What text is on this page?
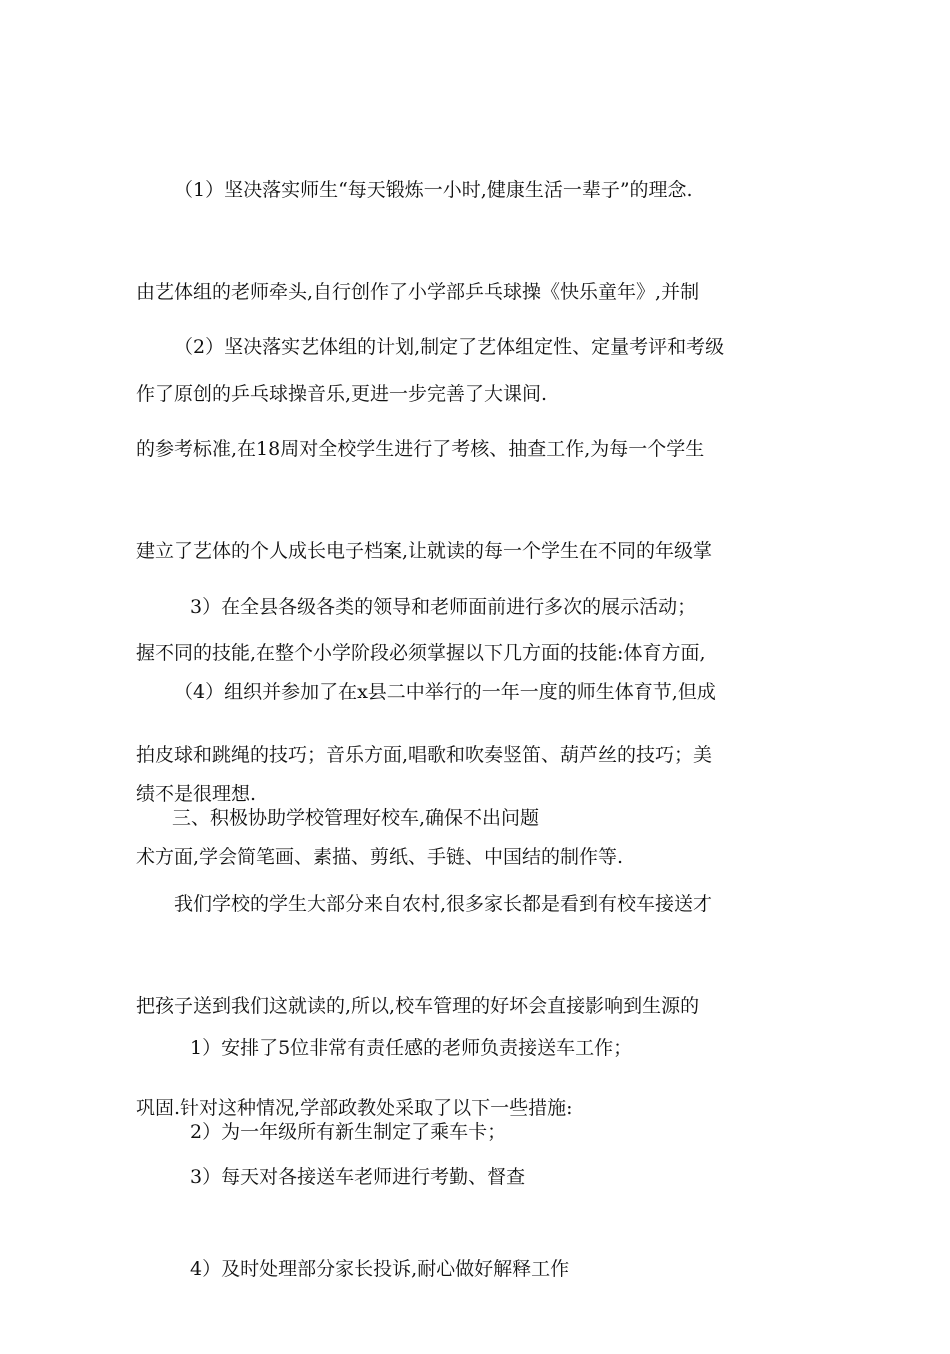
（1）坚决落实师生“每天锻炼一小时,健康生活一辈子”的理念.

由艺体组的老师牵头,自行创作了小学部乒乓球操《快乐童年》,并制

作了原创的乒乓球操音乐,更进一步完善了大课间.

（2）坚决落实艺体组的计划,制定了艺体组定性、定量考评和考级

的参考标准,在18周对全校学生进行了考核、抽查工作,为每一个学生

建立了艺体的个人成长电子档案,让就读的每一个学生在不同的年级掌

握不同的技能,在整个小学阶段必须掌握以下几方面的技能:体育方面,

拍皮球和跳绳的技巧；音乐方面,唱歌和吹奏竖笛、葫芦丝的技巧；美

术方面,学会简笔画、素描、剪纸、手链、中国结的制作等.

3）在全县各级各类的领导和老师面前进行多次的展示活动；

（4）组织并参加了在x县二中举行的一年一度的师生体育节,但成

绩不是很理想.

三、积极协助学校管理好校车,确保不出问题

我们学校的学生大部分来自农村,很多家长都是看到有校车接送才

把孩子送到我们这就读的,所以,校车管理的好坏会直接影响到生源的

巩固.针对这种情况,学部政教处采取了以下一些措施:

1）安排了5位非常有责任感的老师负责接送车工作；

2）为一年级所有新生制定了乘车卡；

3）每天对各接送车老师进行考勤、督查

4）及时处理部分家长投诉,耐心做好解释工作
